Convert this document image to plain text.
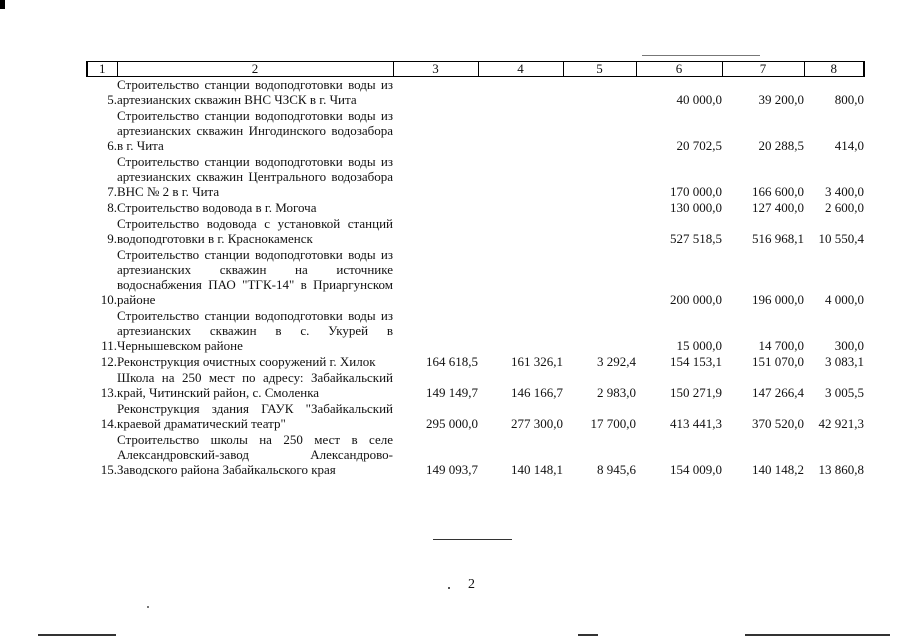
1	2	3	4	5	6	7	8
5.	Строительство станции водоподготовки воды из артезианских скважин ВНС ЧЗСК в г. Чита				40 000,0	39 200,0	800,0
6.	Строительство станции водоподготовки воды из артезианских скважин Ингодинского водозабора в г. Чита				20 702,5	20 288,5	414,0
7.	Строительство станции водоподготовки воды из артезианских скважин Центрального водозабора ВНС № 2 в г. Чита				170 000,0	166 600,0	3 400,0
8.	Строительство водовода в г. Могоча				130 000,0	127 400,0	2 600,0
9.	Строительство водовода с установкой станций водоподготовки в г. Краснокаменск				527 518,5	516 968,1	10 550,4
10.	Строительство станции водоподготовки воды из артезианских скважин на источнике водоснабжения ПАО "ТГК-14" в Приаргунском районе				200 000,0	196 000,0	4 000,0
11.	Строительство станции водоподготовки воды из артезианских скважин в с. Укурей в Чернышевском районе				15 000,0	14 700,0	300,0
12.	Реконструкция очистных сооружений г. Хилок	164 618,5	161 326,1	3 292,4	154 153,1	151 070,0	3 083,1
13.	Школа на 250 мест по адресу: Забайкальский край, Читинский район, с. Смоленка	149 149,7	146 166,7	2 983,0	150 271,9	147 266,4	3 005,5
14.	Реконструкция здания ГАУК "Забайкальский краевой драматический театр"	295 000,0	277 300,0	17 700,0	413 441,3	370 520,0	42 921,3
15.	Строительство школы на 250 мест в селе Александровский-завод Александрово-Заводского района Забайкальского края	149 093,7	140 148,1	8 945,6	154 009,0	140 148,2	13 860,8
2
